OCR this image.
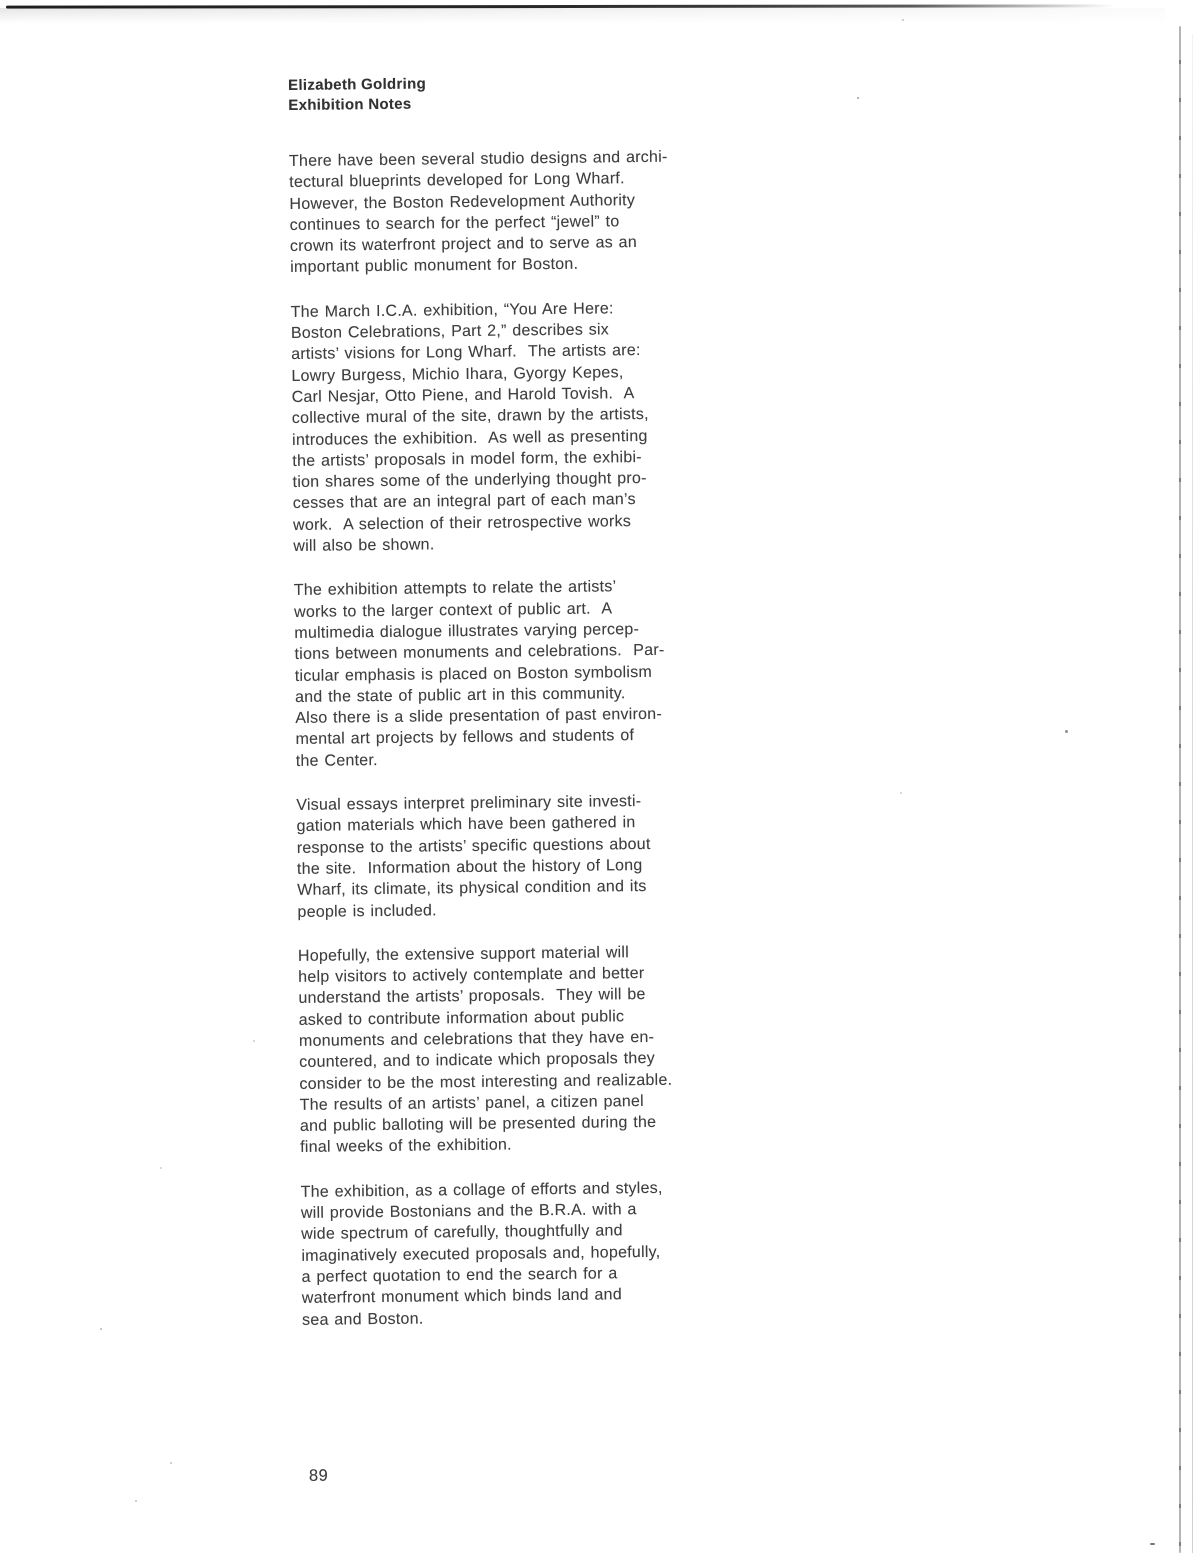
Elizabeth Goldring

Exhibition Notes

There have been several studio designs and archi-
tectural blueprints developed for Long Wharf.
However, the Boston Redevelopment Authority
continues to search for the perfect “jewel” to
crown its waterfront project and to serve as an
important public monument for Boston.

The March I.C.A. exhibition, “You Are Here:
Boston Celebrations, Part 2,” describes six
artists’ visions for Long Wharf.  The artists are:
Lowry Burgess, Michio Ihara, Gyorgy Kepes,
Carl Nesjar, Otto Piene, and Harold Tovish.  A
collective mural of the site, drawn by the artists,
introduces the exhibition.  As well as presenting
the artists’ proposals in model form, the exhibi-
tion shares some of the underlying thought pro-
cesses that are an integral part of each man’s
work.  A selection of their retrospective works
will also be shown.

The exhibition attempts to relate the artists’
works to the larger context of public art.  A
multimedia dialogue illustrates varying percep-
tions between monuments and celebrations.  Par-
ticular emphasis is placed on Boston symbolism
and the state of public art in this community.
Also there is a slide presentation of past environ-
mental art projects by fellows and students of
the Center.

Visual essays interpret preliminary site investi-
gation materials which have been gathered in
response to the artists’ specific questions about
the site.  Information about the history of Long
Wharf, its climate, its physical condition and its
people is included.

Hopefully, the extensive support material will
help visitors to actively contemplate and better
understand the artists’ proposals.  They will be
asked to contribute information about public
monuments and celebrations that they have en-
countered, and to indicate which proposals they
consider to be the most interesting and realizable.
The results of an artists’ panel, a citizen panel
and public balloting will be presented during the
final weeks of the exhibition.

The exhibition, as a collage of efforts and styles,
will provide Bostonians and the B.R.A. with a
wide spectrum of carefully, thoughtfully and
imaginatively executed proposals and, hopefully,
a perfect quotation to end the search for a
waterfront monument which binds land and
sea and Boston.

89
